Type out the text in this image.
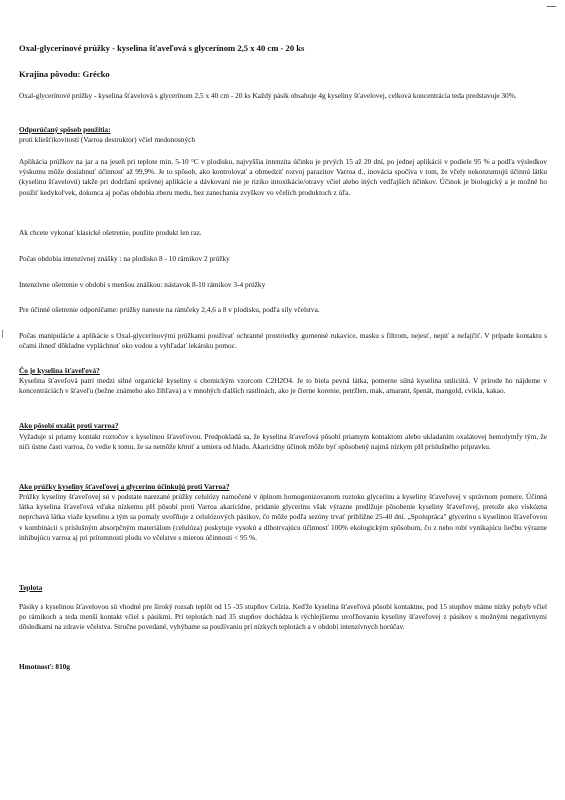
Oxal-glycerínové prúžky - kyselina šťaveľová s glycerínom 2,5 x 40 cm - 20 ks

Krajina pôvodu: Grécko

Oxal-glycerínové prúžky - kyselina šťavelová s glycerínom 2,5 x 40 cm - 20 ks Každý pásik obsahuje 4g kyseliny šťavelovej, celková koncentrácia teda predstavuje 30%.

Odporúčaný spôsob použitia:

proti kliešťikovitosti (Varroa destruktor) včiel medonosných

Aplikácia prúžkov na jar a na jeseň pri teplote min. 5-10 °C v plodisku, najvyššia intenzita účinku je prvých 15 až 20 dní, po jednej aplikácii v podiele 95 % a podľa výsledkov výskumu môže dosiahnuť účinnosť až 99,9%. Je to spôsob, ako kontrolovať a obmedziť rozvoj parazitov Varroa d., inovácia spočíva v tom, že včely nekonzumujú účinnú látku (kyselinu šťavelovú) takže pri dodržaní správnej aplikácie a dávkovaní nie je riziko intoxikácie/otravy včiel alebo iných vedľajších účinkov. Účinok je biologický a je možné ho použiť kedykoľvek, dokonca aj počas obdobia zberu medu, bez zanechania zvyškov vo včelích produktoch z úľa.

Ak chcete vykonať klasické ošetrenie, použite produkt len raz.

Počas obdobia intenzívnej znášky : na plodisko 8 - 10 rámikov 2 prúžky

Intenzívne ošetrenie v období s menšou znáškou: nástavok 8-10 rámikov 3-4 prúžky

Pre účinné ošetrenie odporúčame: prúžky naneste na rámčeky 2,4,6 a 8 v plodisku, podľa sily včelstva.

Počas manipulácie a aplikácie s Oxal-glycerínovými prúžkami používať ochranné prostriedky gumenné rukavice, masku s filtrom, nejesť, nepiť a nefajčiť. V prípade kontaktu s očami ihneď dôkladne vypláchnuť oko vodou a vyhľadať lekársku pomoc.

Čo je kyselina šťaveľová?

Kyselina šťaveľová patrí medzi silné organické kyseliny s chemickým vzorcom C2H2O4. Je to biela pevná látka, pomerne silná kyselina unliciitá. V prírode ho nájdeme v koncentráciách v šťaveľu (bežne známeho ako žihľava) a v mnohých ďalších rastlinách, ako je čierne korenie, petržlen, mak, amarant, špenát, mangold, cvikla, kakao.

Ako pôsobí oxalát proti varroa?

Vyžaduje si priamy kontakt roztočov s kyselinou šťaveľovou. Predpokladá sa, že kyselina šťaveľová pôsobí priamym kontaktom alebo ukladaním oxalátovej hemolymfy tým, že niči ústne časti varroa, čo vedie k tomu, že sa nemôže kŕmiť a umiera od hladu. Akaricídny účinok môže byť spôsobený najmä nízkym pH príslušného prípravku.

Ako prúžky kyseliny šťaveľovej a glycerínu účinkujú proti Varroa?

Prúžky kyseliny šťaveľovej sú v podstate narezané prúžky celulózy namočené v úplnom homogenizovanom roztoku glycerínu a kyseliny šťaveľovej v správnom pomere. Účinná látka kyselina šťaveľová vďaka nízkemu pH pôsobí proti Varroa akaricídne, pridanie glycerínu však výrazne predlžuje pôsobenie kyseliny šťaveľovej, pretože ako viskózna neprchavá látka viaže kyselinu a tým sa pomaly uvoľňuje z celulózových pásikov, čo môže podľa sezóny trvať približne 25-40 dní. „Spolupráca" glycerínu s kyselinou šťaveľovou v kombinácii s príslušným absorpčným materiálom (celulóza) poskytuje vysokú a dlhotrvajúcu účinnosť 100% ekologickým spôsobom, čo z neho robí vynikajúcu liečbu výrazne inhibujúcu varroa aj pri prítomnosti plodu vo včelstve s mierou účinnosti < 95 %.

Teplota

Pásiky s kyselinou šťavelovou sú vhodné pre široký rozsah teplôt od 15 -35 stupňov Celzia. Keďže kyselina šťaveľová pôsobí kontaktne, pod 15 stupňov máme nízky pohyb včiel po rámikoch a teda menší kontakt včiel s pásikmi. Pri teplotách nad 35 stupňov dochádza k rýchlejšiemu uvoľňovaniu kyseliny šťaveľovej z pásikov s možnými negatívnymi dôsledkami na zdravie včelstva. Stručne povedané, vyhýbame sa používaniu pri nízkych teplotách a v období intenzívnych horúčav.

Hmotnosť: 810g
